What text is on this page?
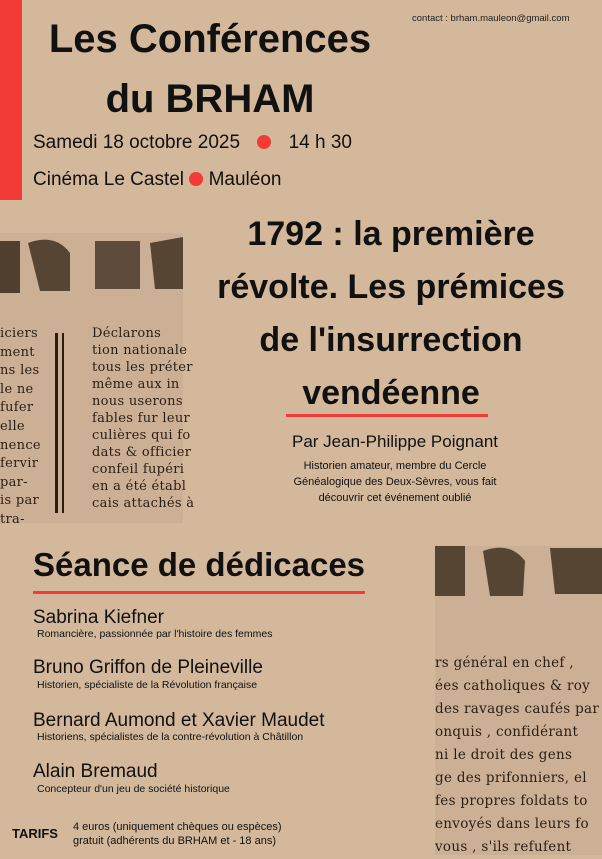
contact : brham.mauleon@gmail.com
Les Conférences
du BRHAM
Samedi 18 octobre 2025	14 h 30
Cinéma Le Castel Mauléon
iciers
ment
ns les
le ne
fufer
elle
nence
fervir
par-
is par
tra-
Déclarons
tion nationale
tous les préter
même aux in
nous userons
fables fur leur
culières qui fo
dats & officier
confeil fupéri
en a été établ
cais attachés à
1792 : la première
révolte. Les prémices
de l'insurrection
vendéenne
Par Jean-Philippe Poignant
Historien amateur, membre du Cercle
Généalogique des Deux-Sèvres, vous fait
découvrir cet événement oublié
rs général en chef ,
ées catholiques & roy
des ravages caufés par
onquis , confidérant
ni le droit des gens
ge des prifonniers, el
fes propres foldats to
envoyés dans leurs fo
vous , s'ils refufent
Séance de dédicaces
Sabrina Kiefner
Romancière, passionnée par l'histoire des femmes
Bruno Griffon de Pleineville
Historien, spécialiste de la Révolution française
Bernard Aumond et Xavier Maudet
Historiens, spécialistes de la contre-révolution à Châtillon
Alain Bremaud
Concepteur d'un jeu de société historique
TARIFS 4 euros (uniquement chèques ou espèces)
gratuit (adhérents du BRHAM et - 18 ans)
